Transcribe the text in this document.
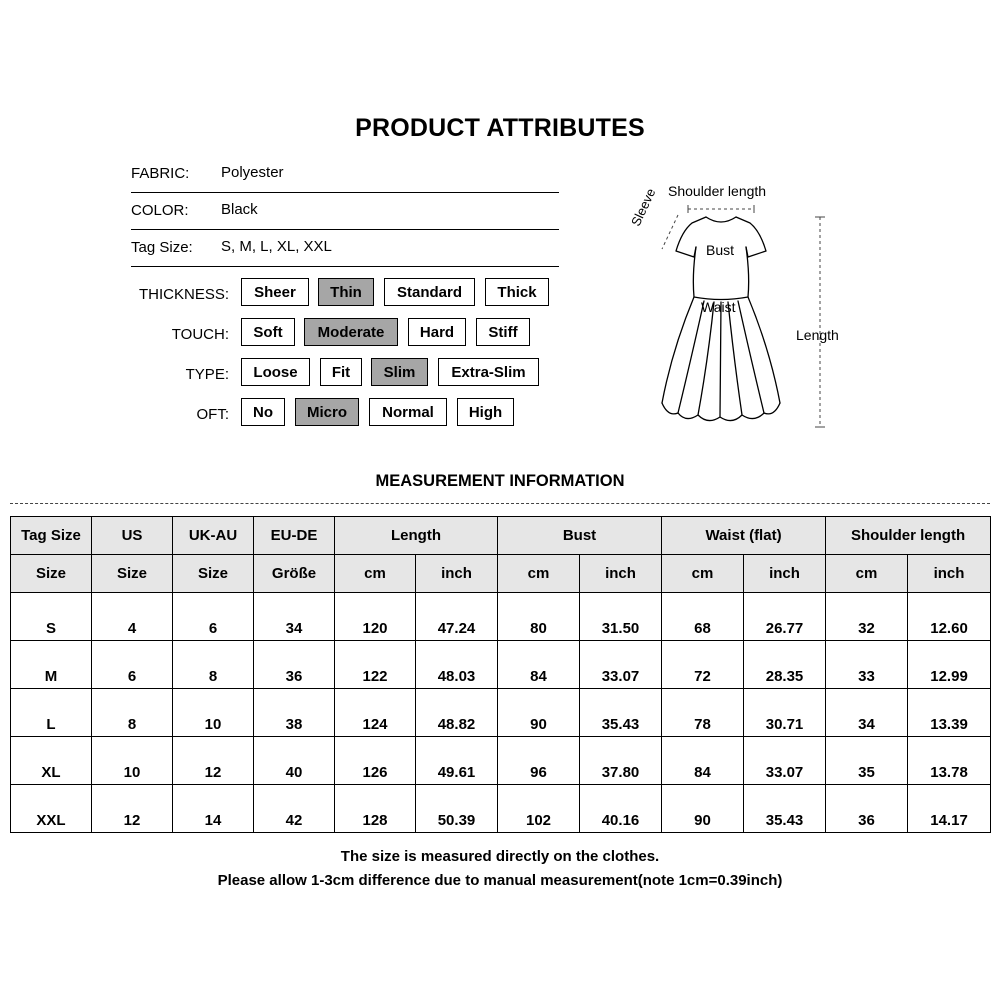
PRODUCT ATTRIBUTES
FABRIC: Polyester
COLOR: Black
Tag Size: S, M, L, XL, XXL
THICKNESS:	Sheer	Thin	Standard	Thick
TOUCH:	Soft	Moderate	Hard	Stiff
TYPE:	Loose	Fit	Slim	Extra-Slim
OFT:	No	Micro	Normal	High
Shoulder length
Sleeve
Bust
Waist
Length
MEASUREMENT INFORMATION
Tag Size	US	UK-AU	EU-DE	Length		Bust		Waist (flat)		Shoulder length	
Size	Size	Size	Größe	cm	inch	cm	inch	cm	inch	cm	inch
S	4	6	34	120	47.24	80	31.50	68	26.77	32	12.60
M	6	8	36	122	48.03	84	33.07	72	28.35	33	12.99
L	8	10	38	124	48.82	90	35.43	78	30.71	34	13.39
XL	10	12	40	126	49.61	96	37.80	84	33.07	35	13.78
XXL	12	14	42	128	50.39	102	40.16	90	35.43	36	14.17
The size is measured directly on the clothes.
Please allow 1-3cm difference due to manual measurement(note 1cm=0.39inch)
